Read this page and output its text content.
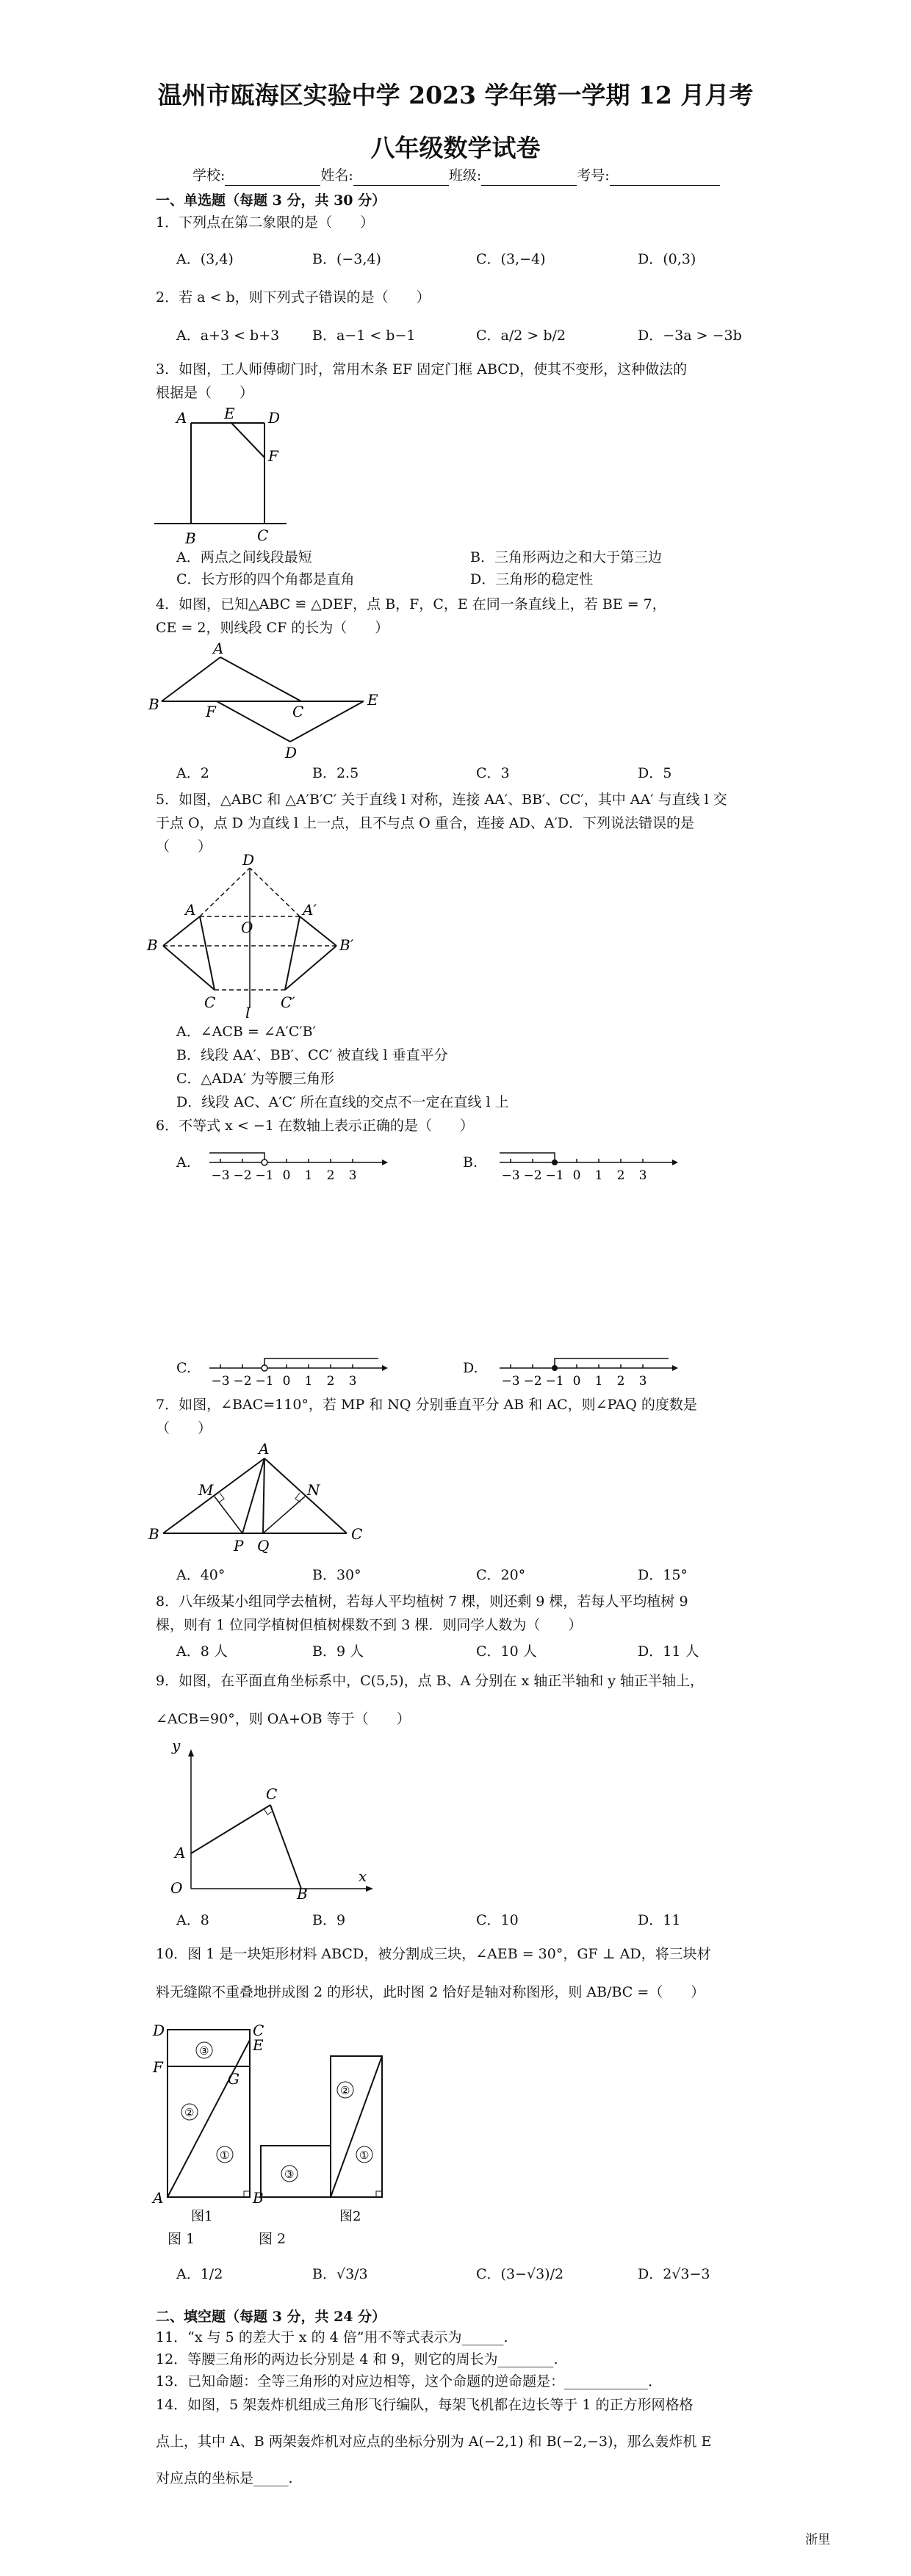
温州市瓯海区实验中学 2023 学年第一学期 12 月月考
八年级数学试卷
学校:	姓名:	班级:	考号:
一、单选题（每题 3 分，共 30 分）
1．下列点在第二象限的是（　　）
A．(3,4)	B．(−3,4)	C．(3,−4)	D．(0,3)
2．若 a < b，则下列式子错误的是（　　）
A．a+3 < b+3 B．a−1 < b−1	C．a/2 > b/2	D．−3a > −3b
3．如图，工人师傅砌门时，常用木条 EF 固定门框 ABCD，使其不变形，这种做法的
根据是（　　）
A	E D
F
B	C
A．两点之间线段最短	B．三角形两边之和大于第三边
C．长方形的四个角都是直角	D．三角形的稳定性
4．如图，已知△ABC ≌ △DEF，点 B，F，C，E 在同一条直线上，若 BE = 7，
CE = 2，则线段 CF 的长为（　　）
A
B	F	C
E
D
A．2	B．2.5	C．3	D．5
5．如图，△ABC 和 △A′B′C′ 关于直线 l 对称，连接 AA′、BB′、CC′，其中 AA′ 与直线 l 交
于点 O，点 D 为直线 l 上一点，且不与点 O 重合，连接 AD、A′D．下列说法错误的是
（　　）
D
A	A′
O
B	B′
C
l
C′
A．∠ACB = ∠A′C′B′
B．线段 AA′、BB′、CC′ 被直线 l 垂直平分
C．△ADA′ 为等腰三角形
D．线段 AC、A′C′ 所在直线的交点不一定在直线 l 上
6．不等式 x < −1 在数轴上表示正确的是（　　）
A.	B.
C.	D.
−3 −2 −1 0 1 2 3	−3 −2 −1 0 1 2 3
−3 −2 −1 0 1 2 3	−3 −2 −1 0 1 2 3
7．如图，∠BAC=110°，若 MP 和 NQ 分别垂直平分 AB 和 AC，则∠PAQ 的度数是
（　　）
A
M	N
B
P Q
C
A．40°	B．30°	C．20°	D．15°
8．八年级某小组同学去植树，若每人平均植树 7 棵，则还剩 9 棵，若每人平均植树 9
棵，则有 1 位同学植树但植树棵数不到 3 棵．则同学人数为（　　）
A．8 人	B．9 人	C．10 人	D．11 人
9．如图，在平面直角坐标系中，C(5,5)，点 B、A 分别在 x 轴正半轴和 y 轴正半轴上，
∠ACB=90°，则 OA+OB 等于（　　）
y
C
A
O	B
x
A．8	B．9	C．10	D．11
10．图 1 是一块矩形材料 ABCD，被分割成三块，∠AEB = 30°，GF ⊥ AD，将三块材
料无缝隙不重叠地拼成图 2 的形状，此时图 2 恰好是轴对称图形，则 AB/BC =（　　）
D	C
E
F
G
A	B
③
②
①
②
③
①
图1	图2
图 1	图 2
A．1/2	B．√3/3	C．(3−√3)/2	D．2√3−3
二、填空题（每题 3 分，共 24 分）
11．“x 与 5 的差大于 x 的 4 倍”用不等式表示为______.
12．等腰三角形的两边长分别是 4 和 9，则它的周长为________.
13．已知命题：全等三角形的对应边相等，这个命题的逆命题是：____________．
14．如图，5 架轰炸机组成三角形飞行编队，每架飞机都在边长等于 1 的正方形网格格
点上，其中 A、B 两架轰炸机对应点的坐标分别为 A(−2,1) 和 B(−2,−3)，那么轰炸机 E
对应点的坐标是_____.
浙里
